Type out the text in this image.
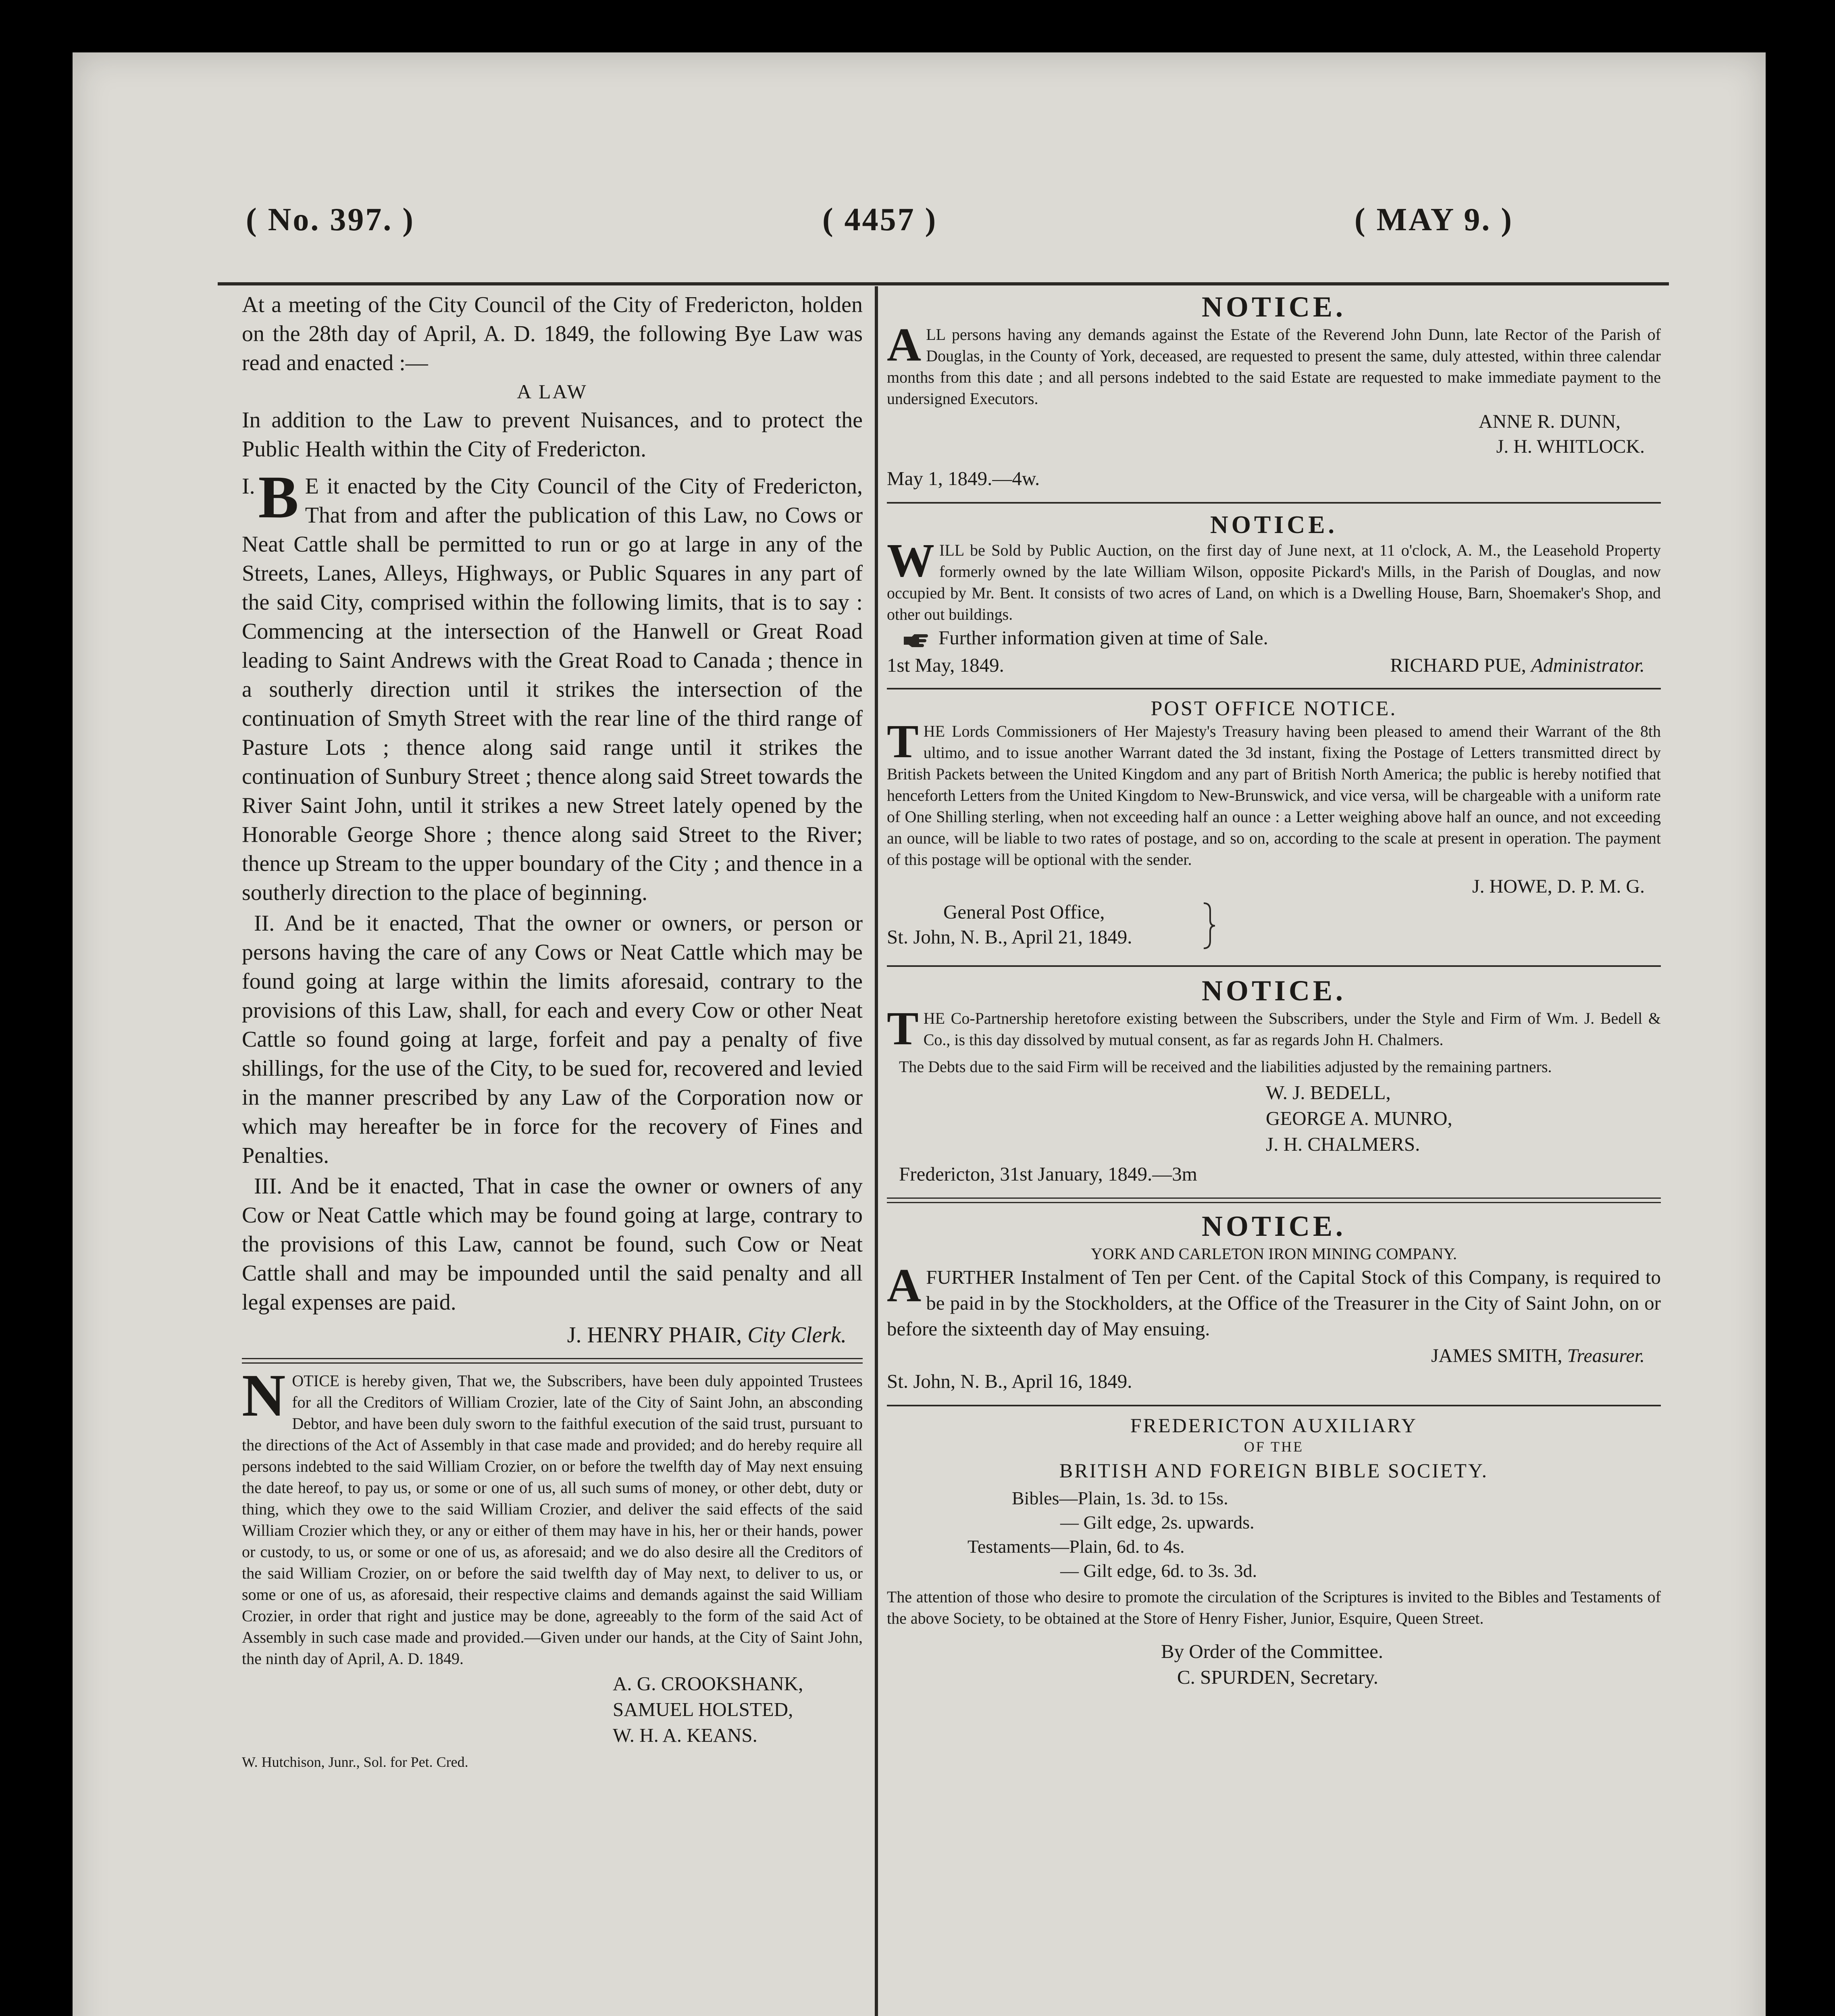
( No. 397. )	( 4457 )	( MAY 9. )

At a meeting of the City Council of the City of Fredericton, holden on the 28th day of April, A. D. 1849, the following Bye Law was read and enacted :—

A LAW

In addition to the Law to prevent Nuisances, and to protect the Public Health within the City of Fredericton.

I. B E it enacted by the City Council of the City of Fredericton, That from and after the publication of this Law, no Cows or Neat Cattle shall be permitted to run or go at large in any of the Streets, Lanes, Alleys, Highways, or Public Squares in any part of the said City, comprised within the following limits, that is to say : Commencing at the intersection of the Hanwell or Great Road leading to Saint Andrews with the Great Road to Canada ; thence in a southerly direction until it strikes the intersection of the continuation of Smyth Street with the rear line of the third range of Pasture Lots ; thence along said range until it strikes the continuation of Sunbury Street ; thence along said Street towards the River Saint John, until it strikes a new Street lately opened by the Honorable George Shore ; thence along said Street to the River; thence up Stream to the upper boundary of the City ; and thence in a southerly direction to the place of beginning.

II. And be it enacted, That the owner or owners, or person or persons having the care of any Cows or Neat Cattle which may be found going at large within the limits aforesaid, contrary to the provisions of this Law, shall, for each and every Cow or other Neat Cattle so found going at large, forfeit and pay a penalty of five shillings, for the use of the City, to be sued for, recovered and levied in the manner prescribed by any Law of the Corporation now or which may hereafter be in force for the recovery of Fines and Penalties.

III. And be it enacted, That in case the owner or owners of any Cow or Neat Cattle which may be found going at large, contrary to the provisions of this Law, cannot be found, such Cow or Neat Cattle shall and may be impounded until the said penalty and all legal expenses are paid.

J. HENRY PHAIR, City Clerk.

N OTICE is hereby given, That we, the Subscribers, have been duly appointed Trustees for all the Creditors of William Crozier, late of the City of Saint John, an absconding Debtor, and have been duly sworn to the faithful execution of the said trust, pursuant to the directions of the Act of Assembly in that case made and provided; and do hereby require all persons indebted to the said William Crozier, on or before the twelfth day of May next ensuing the date hereof, to pay us, or some or one of us, all such sums of money, or other debt, duty or thing, which they owe to the said William Crozier, and deliver the said effects of the said William Crozier which they, or any or either of them may have in his, her or their hands, power or custody, to us, or some or one of us, as aforesaid; and we do also desire all the Creditors of the said William Crozier, on or before the said twelfth day of May next, to deliver to us, or some or one of us, as aforesaid, their respective claims and demands against the said William Crozier, in order that right and justice may be done, agreeably to the form of the said Act of Assembly in such case made and provided.—Given under our hands, at the City of Saint John, the ninth day of April, A. D. 1849.

A. G. CROOKSHANK,

SAMUEL HOLSTED,

W. H. A. KEANS.

W. Hutchison, Junr., Sol. for Pet. Cred.

NOTICE.

A LL persons having any demands against the Estate of the Reverend John Dunn, late Rector of the Parish of Douglas, in the County of York, deceased, are requested to present the same, duly attested, within three calendar months from this date ; and all persons indebted to the said Estate are requested to make immediate payment to the undersigned Executors.

ANNE R. DUNN,

J. H. WHITLOCK.

May 1, 1849.—4w.

NOTICE.

W ILL be Sold by Public Auction, on the first day of June next, at 11 o'clock, A. M., the Leasehold Property formerly owned by the late William Wilson, opposite Pickard's Mills, in the Parish of Douglas, and now occupied by Mr. Bent. It consists of two acres of Land, on which is a Dwelling House, Barn, Shoemaker's Shop, and other out buildings.

Further information given at time of Sale.

1st May, 1849.	RICHARD PUE, Administrator.

POST OFFICE NOTICE.

T HE Lords Commissioners of Her Majesty's Treasury having been pleased to amend their Warrant of the 8th ultimo, and to issue another Warrant dated the 3d instant, fixing the Postage of Letters transmitted direct by British Packets between the United Kingdom and any part of British North America; the public is hereby notified that henceforth Letters from the United Kingdom to New-Brunswick, and vice versa, will be chargeable with a uniform rate of One Shilling sterling, when not exceeding half an ounce : a Letter weighing above half an ounce, and not exceeding an ounce, will be liable to two rates of postage, and so on, according to the scale at present in operation. The payment of this postage will be optional with the sender.

J. HOWE, D. P. M. G.

General Post Office,

St. John, N. B., April 21, 1849.

NOTICE.

T HE Co-Partnership heretofore existing between the Subscribers, under the Style and Firm of Wm. J. Bedell & Co., is this day dissolved by mutual consent, as far as regards John H. Chalmers.

The Debts due to the said Firm will be received and the liabilities adjusted by the remaining partners.

W. J. BEDELL,

GEORGE A. MUNRO,

J. H. CHALMERS.

Fredericton, 31st January, 1849.—3m

NOTICE.

YORK AND CARLETON IRON MINING COMPANY.

A FURTHER Instalment of Ten per Cent. of the Capital Stock of this Company, is required to be paid in by the Stockholders, at the Office of the Treasurer in the City of Saint John, on or before the sixteenth day of May ensuing.

JAMES SMITH, Treasurer.

St. John, N. B., April 16, 1849.

FREDERICTON AUXILIARY

OF THE

BRITISH AND FOREIGN BIBLE SOCIETY.

Bibles—Plain, 1s. 3d. to 15s.

— Gilt edge, 2s. upwards.

Testaments—Plain, 6d. to 4s.

— Gilt edge, 6d. to 3s. 3d.

The attention of those who desire to promote the circulation of the Scriptures is invited to the Bibles and Testaments of the above Society, to be obtained at the Store of Henry Fisher, Junior, Esquire, Queen Street.

By Order of the Committee.

C. SPURDEN, Secretary.
